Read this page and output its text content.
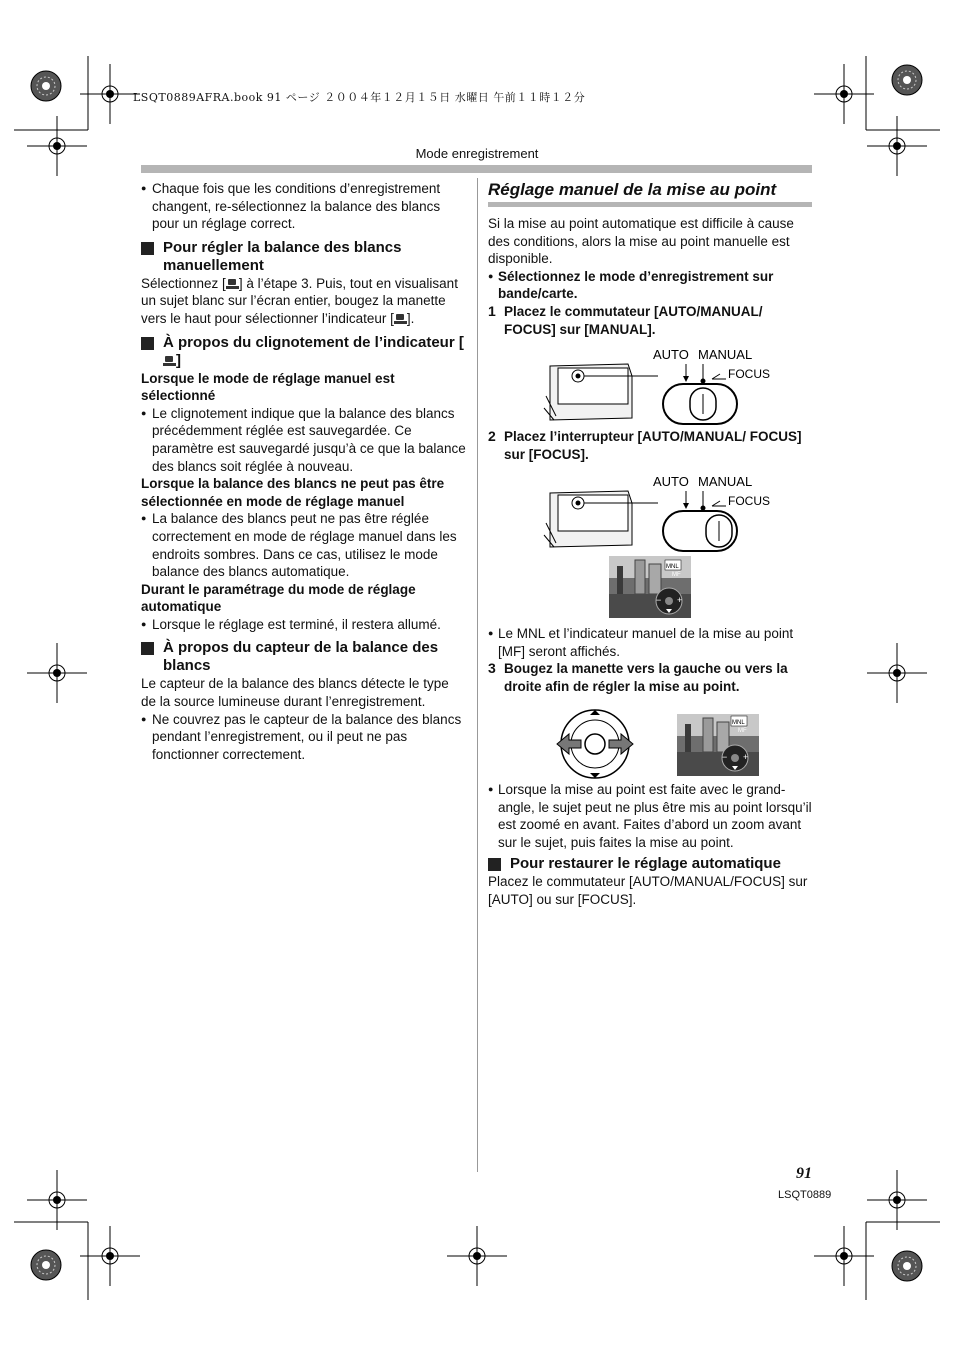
LSQT0889AFRA.book 91 ページ ２００４年１２月１５日 水曜日 午前１１時１２分
Mode enregistrement

● Chaque fois que les conditions d’enregistrement changent, re-sélectionnez la balance des blancs pour un réglage correct.

Pour régler la balance des blancs manuellement

Sélectionnez [ ] à l’étape 3. Puis, tout en visualisant un sujet blanc sur l’écran entier, bougez la manette vers le haut pour sélectionner l’indicateur [ ].

À propos du clignotement de l’indicateur []

Lorsque le mode de réglage manuel est sélectionné

● Le clignotement indique que la balance des blancs précédemment réglée est sauvegardée. Ce paramètre est sauvegardé jusqu’à ce que la balance des blancs soit réglée à nouveau.

Lorsque la balance des blancs ne peut pas être sélectionnée en mode de réglage manuel

● La balance des blancs peut ne pas être réglée correctement en mode de réglage manuel dans les endroits sombres. Dans ce cas, utilisez le mode balance des blancs automatique.

Durant le paramétrage du mode de réglage automatique

● Lorsque le réglage est terminé, il restera allumé.

À propos du capteur de la balance des blancs

Le capteur de la balance des blancs détecte le type de la source lumineuse durant l’enregistrement.

● Ne couvrez pas le capteur de la balance des blancs pendant l’enregistrement, ou il peut ne pas fonctionner correctement.

Réglage manuel de la mise au point

Si la mise au point automatique est difficile à cause des conditions, alors la mise au point manuelle est disponible.

● Sélectionnez le mode d’enregistrement sur bande/carte.

1 Placez le commutateur [AUTO/MANUAL/ FOCUS] sur [MANUAL].

AUTO MANUAL
FOCUS

2 Placez l’interrupteur [AUTO/MANUAL/ FOCUS] sur [FOCUS].

AUTO MANUAL
FOCUS
MNL
MF
− +

● Le MNL et l’indicateur manuel de la mise au point [MF] seront affichés.

3 Bougez la manette vers la gauche ou vers la droite afin de régler la mise au point.

MNL
MF
− +

● Lorsque la mise au point est faite avec le grand-angle, le sujet peut ne plus être mis au point lorsqu’il est zoomé en avant. Faites d’abord un zoom avant sur le sujet, puis faites la mise au point.

Pour restaurer le réglage automatique

Placez le commutateur [AUTO/MANUAL/FOCUS] sur [AUTO] ou sur [FOCUS].

91
LSQT0889
